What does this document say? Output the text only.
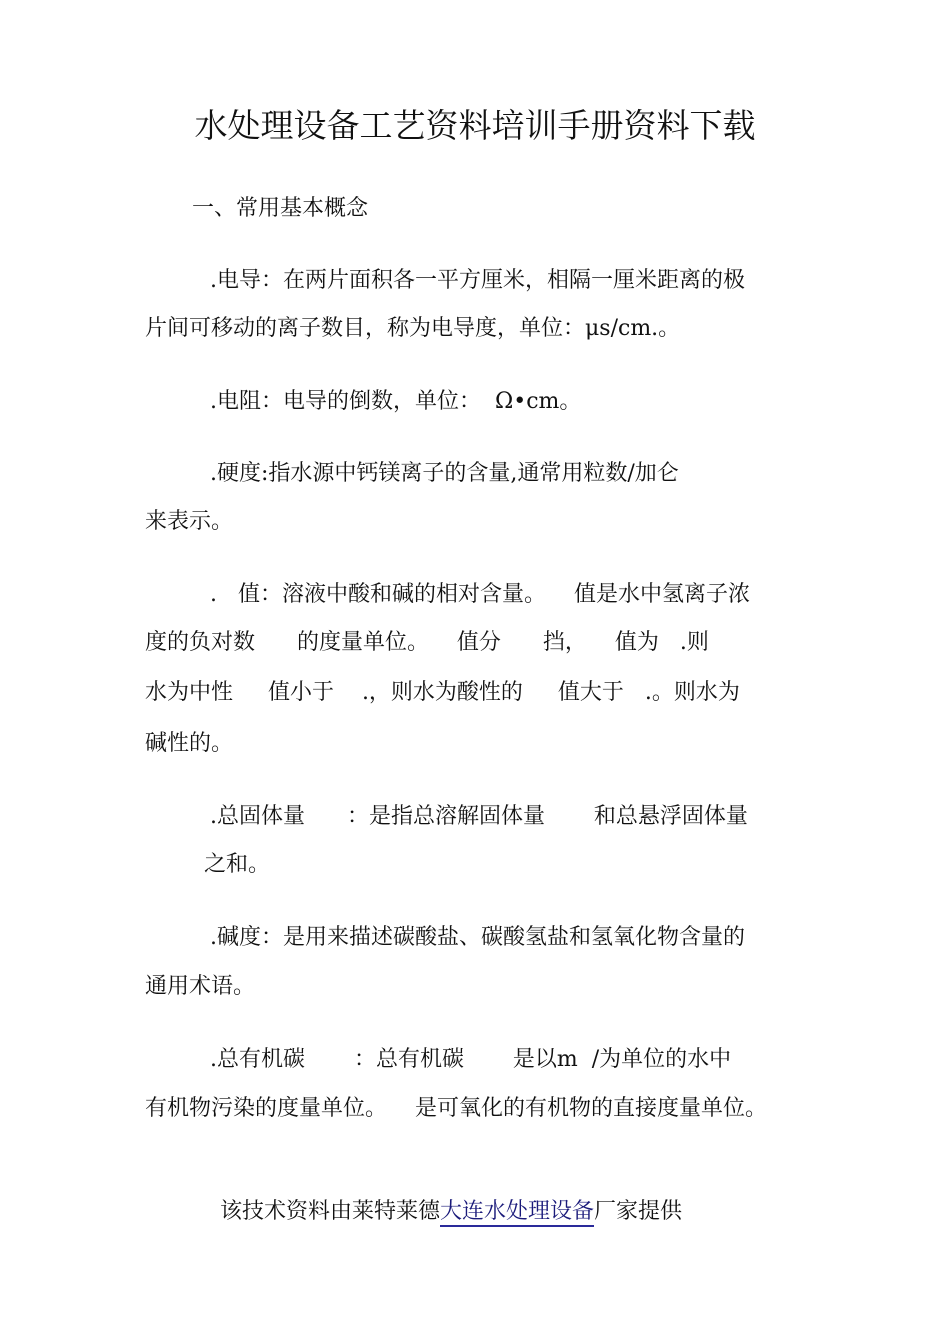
水处理设备工艺资料培训手册资料下载
一、常用基本概念
.电导：在两片面积各一平方厘米，相隔一厘米距离的极
片间可移动的离子数目，称为电导度，单位：μs/cm.。
.电阻：电导的倒数，单位：  Ω•cm。
.硬度:指水源中钙镁离子的含量,通常用粒数/加仑
来表示。
.   值：溶液中酸和碱的相对含量。    值是水中氢离子浓
度的负对数      的度量单位。    值分      挡，    值为   .则
水为中性     值小于    .，则水为酸性的     值大于   .。则水为
碱性的。
.总固体量      ：是指总溶解固体量       和总悬浮固体量
之和。
.碱度：是用来描述碳酸盐、碳酸氢盐和氢氧化物含量的
通用术语。
.总有机碳       ：总有机碳       是以m  /为单位的水中
有机物污染的度量单位。    是可氧化的有机物的直接度量单位。

该技术资料由莱特莱德大连水处理设备厂家提供
